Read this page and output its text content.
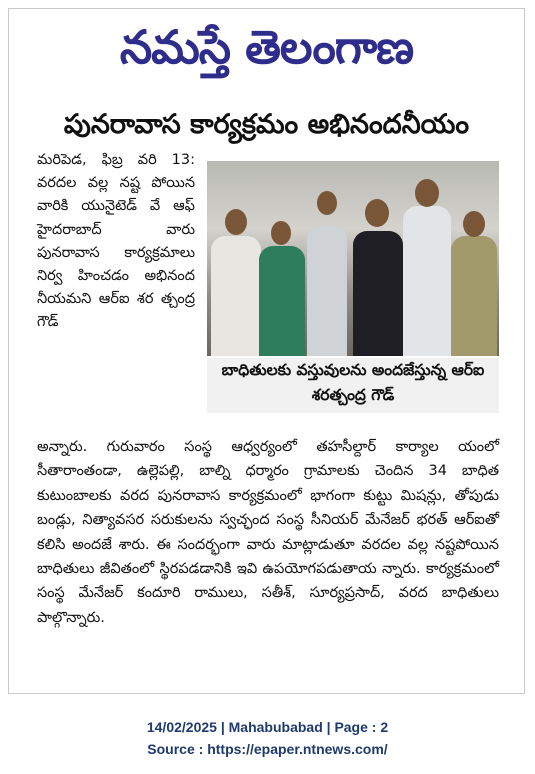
నమస్తే తెలంగాణ
పునరావాస కార్యక్రమం అభినందనీయం
మరిపెడ, ఫిబ్ర వరి 13: వరదల వల్ల నష్ట పోయిన వారికి యునైటెడ్ వే ఆఫ్ హైదరాబాద్ వారు పునరావాస కార్యక్రమాలు నిర్వ హించడం అభినంద నీయమని ఆర్ఐ శర త్చంద్ర గౌడ్
బాధితులకు వస్తువులను అందజేస్తున్న ఆర్ఐ శరత్చంద్ర గౌడ్
అన్నారు. గురువారం సంస్థ ఆధ్వర్యంలో తహసీల్దార్ కార్యాల యంలో సీతారాంతండా, ఉల్లెపల్లి, బాల్ని ధర్మారం గ్రామాలకు చెందిన 34 బాధిత కుటుంబాలకు వరద పునరావాస కార్యక్రమంలో భాగంగా కుట్టు మిషన్లు, తోపుడు బండ్లు, నిత్యావసర సరుకులను స్వచ్ఛంద సంస్థ సీనియర్ మేనేజర్ భరత్ ఆర్ఐతో కలిసి అందజే శారు. ఈ సందర్భంగా వారు మాట్లాడుతూ వరదల వల్ల నష్టపోయిన బాధితులు జీవితంలో స్థిరపడడానికి ఇవి ఉపయోగపడుతాయ న్నారు. కార్యక్రమంలో సంస్థ మేనేజర్ కందూరి రాములు, సతీశ్, సూర్యప్రసాద్, వరద బాధితులు పాల్గొన్నారు.
14/02/2025 | Mahabubabad | Page : 2
Source : https://epaper.ntnews.com/
